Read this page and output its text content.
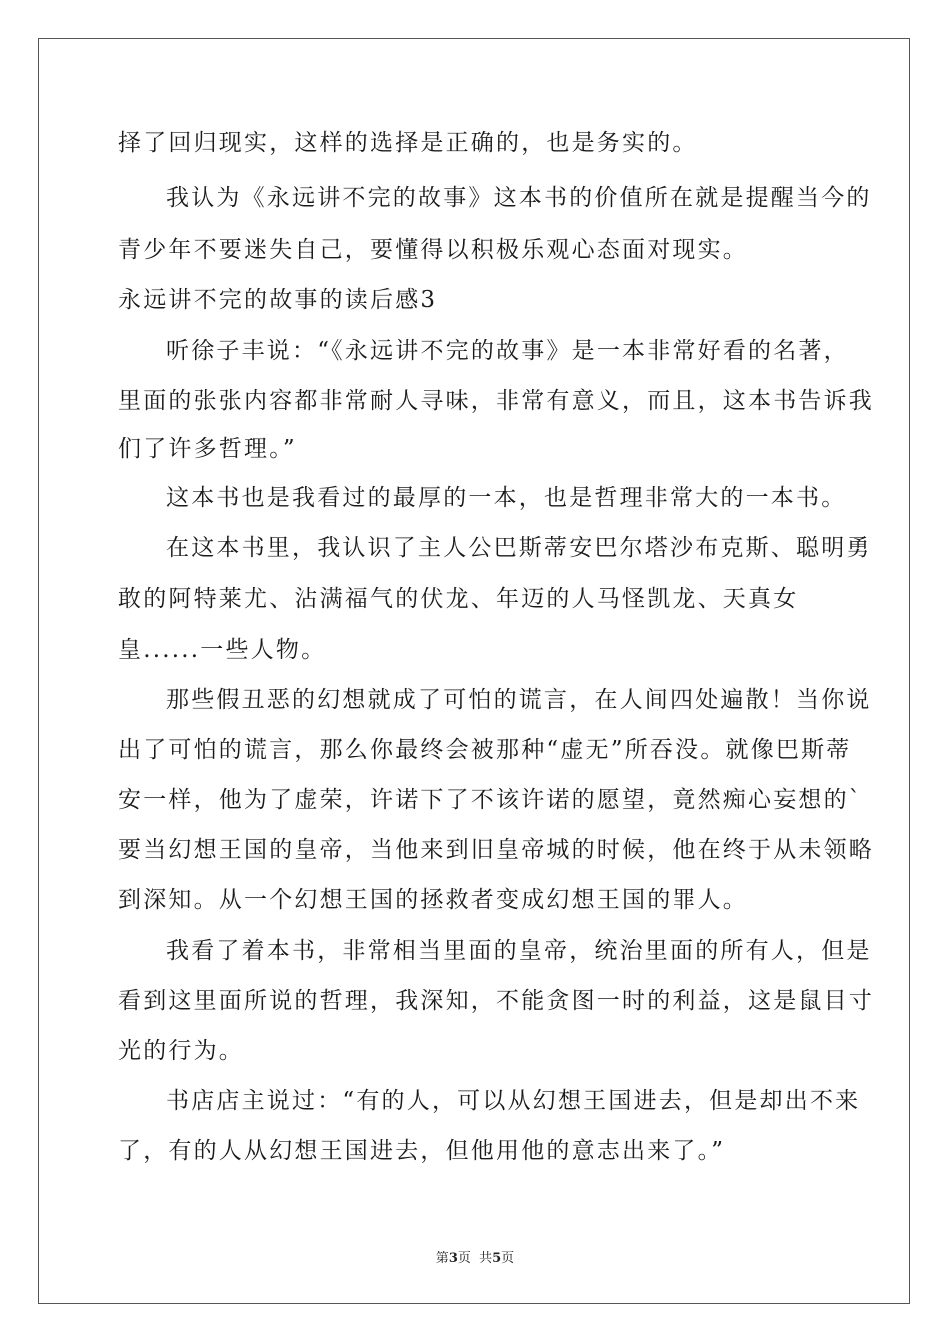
择了回归现实，这样的选择是正确的，也是务实的。
我认为《永远讲不完的故事》这本书的价值所在就是提醒当今的
青少年不要迷失自己，要懂得以积极乐观心态面对现实。
永远讲不完的故事的读后感3
听徐子丰说：“《永远讲不完的故事》是一本非常好看的名著，
里面的张张内容都非常耐人寻味，非常有意义，而且，这本书告诉我
们了许多哲理。”
这本书也是我看过的最厚的一本，也是哲理非常大的一本书。
在这本书里，我认识了主人公巴斯蒂安巴尔塔沙布克斯、聪明勇
敢的阿特莱尤、沾满福气的伏龙、年迈的人马怪凯龙、天真女
皇......一些人物。
那些假丑恶的幻想就成了可怕的谎言，在人间四处遍散！当你说
出了可怕的谎言，那么你最终会被那种“虚无”所吞没。就像巴斯蒂
安一样，他为了虚荣，许诺下了不该许诺的愿望，竟然痴心妄想的`
要当幻想王国的皇帝，当他来到旧皇帝城的时候，他在终于从未领略
到深知。从一个幻想王国的拯救者变成幻想王国的罪人。
我看了着本书，非常相当里面的皇帝，统治里面的所有人，但是
看到这里面所说的哲理，我深知，不能贪图一时的利益，这是鼠目寸
光的行为。
书店店主说过：“有的人，可以从幻想王国进去，但是却出不来
了，有的人从幻想王国进去，但他用他的意志出来了。”
第3页  共5页
